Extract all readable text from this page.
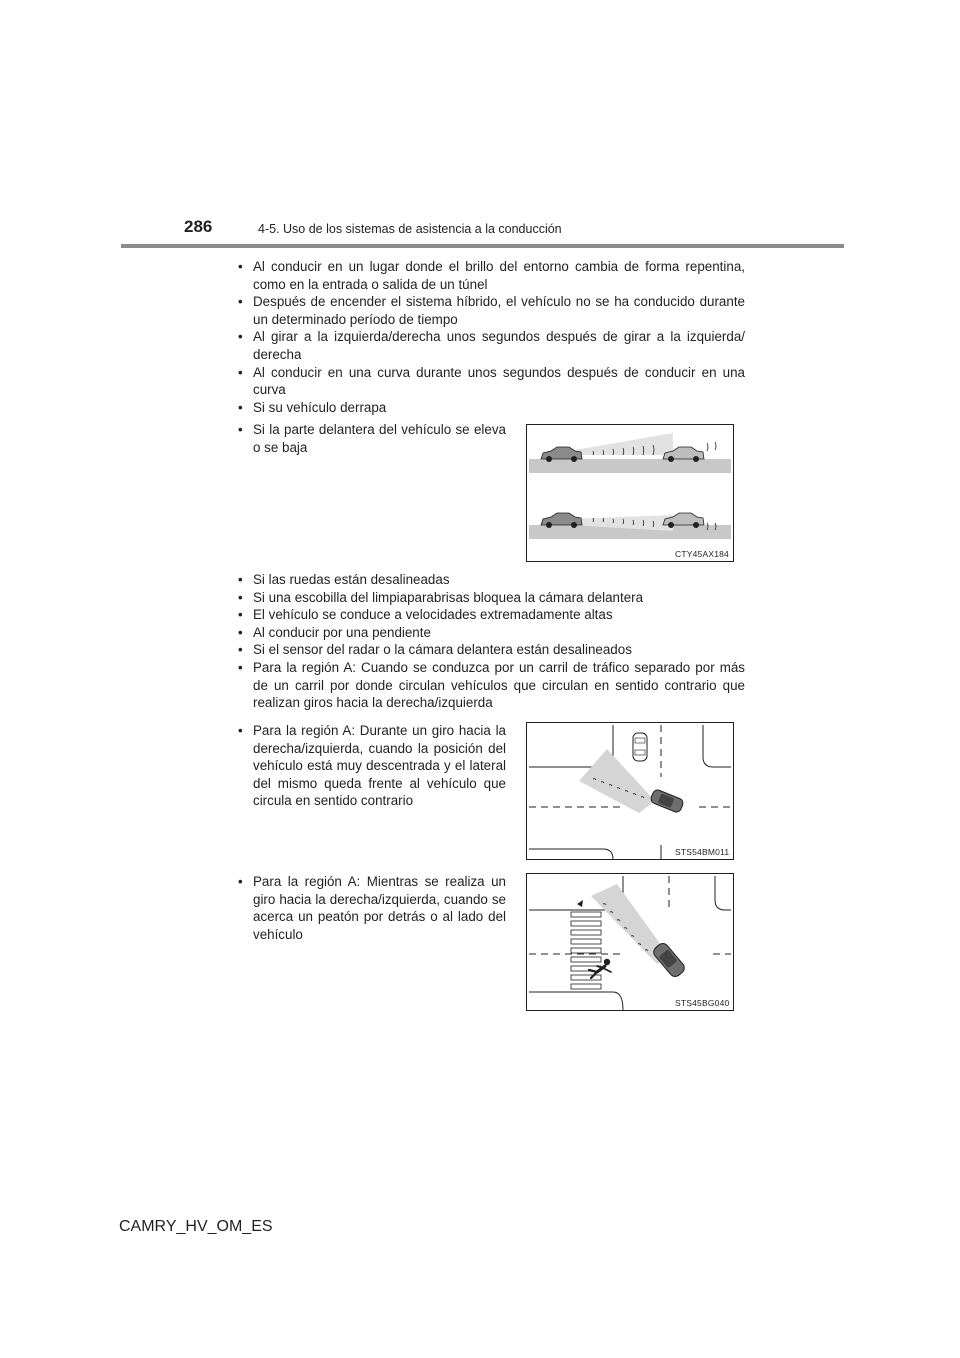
286	4-5. Uso de los sistemas de asistencia a la conducción
• Al conducir en un lugar donde el brillo del entorno cambia de forma repentina, como en la entrada o salida de un túnel
• Después de encender el sistema híbrido, el vehículo no se ha conducido durante un determinado período de tiempo
• Al girar a la izquierda/derecha unos segundos después de girar a la izquierda/ derecha
• Al conducir en una curva durante unos segundos después de conducir en una curva
• Si su vehículo derrapa
• Si la parte delantera del vehículo se eleva o se baja
CTY45AX184
• Si las ruedas están desalineadas
• Si una escobilla del limpiaparabrisas bloquea la cámara delantera
• El vehículo se conduce a velocidades extremadamente altas
• Al conducir por una pendiente
• Si el sensor del radar o la cámara delantera están desalineados
• Para la región A: Cuando se conduzca por un carril de tráfico separado por más de un carril por donde circulan vehículos que circulan en sentido contrario que realizan giros hacia la derecha/izquierda
• Para la región A: Durante un giro hacia la derecha/izquierda, cuando la posición del vehículo está muy descentrada y el lateral del mismo queda frente al vehículo que circula en sentido contrario
STS54BM011
• Para la región A: Mientras se realiza un giro hacia la derecha/izquierda, cuando se acerca un peatón por detrás o al lado del vehículo
STS45BG040
CAMRY_HV_OM_ES
